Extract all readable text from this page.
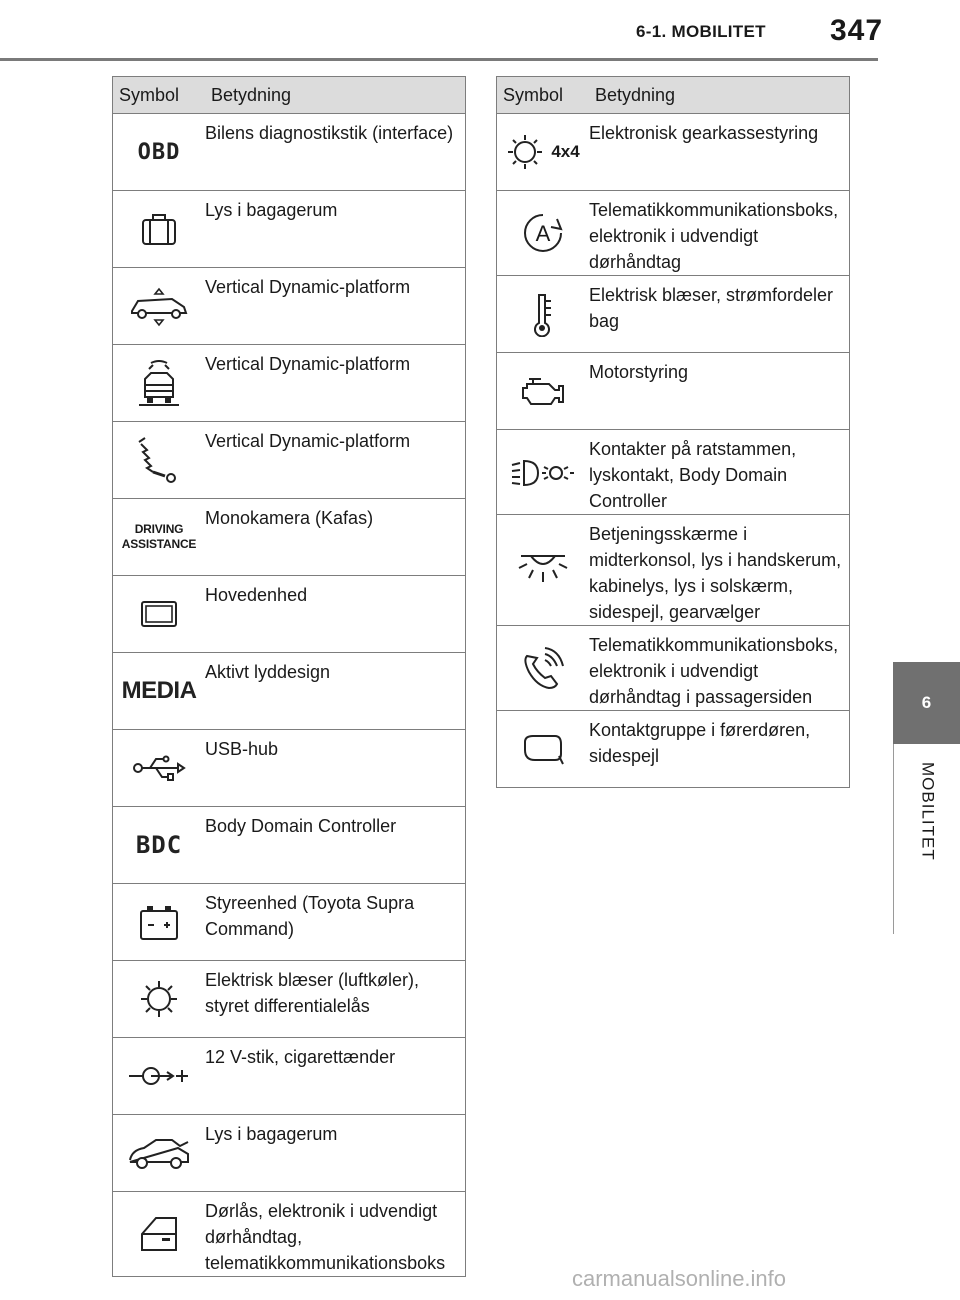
6-1. MOBILITET 347
6
MOBILITET
Symbol	Betydning
OBD	Bilens diagnostikstik (interface)
	Lys i bagagerum
	Vertical Dynamic-platform
	Vertical Dynamic-platform
	Vertical Dynamic-platform

DRIVING
ASSISTANCE	Monokamera (Kafas)
	Hovedenhed
MEDIA	Aktivt lyddesign
	USB-hub
BDC	Body Domain Controller
	Styreenhed (Toyota Supra Command)
	Elektrisk blæser (luftkøler), styret differentialelås
	12 V-stik, cigarettænder
	Lys i bagagerum
	Dørlås, elektronik i udvendigt dørhåndtag, telematikkommunikationsboks
Symbol	Betydning
4x4	Elektronisk gearkassestyring

A	Telematikkommunikationsboks, elektronik i udvendigt dørhåndtag
	Elektrisk blæser, strømfordeler bag
	Motorstyring
	Kontakter på ratstammen, lyskontakt, Body Domain Controller
	Betjeningsskærme i midterkonsol, lys i handskerum, kabinelys, lys i solskærm, sidespejl, gearvælger
	Telematikkommunikationsboks, elektronik i udvendigt dørhåndtag i passagersiden
	Kontaktgruppe i førerdøren, sidespejl
carmanualsonline.info
